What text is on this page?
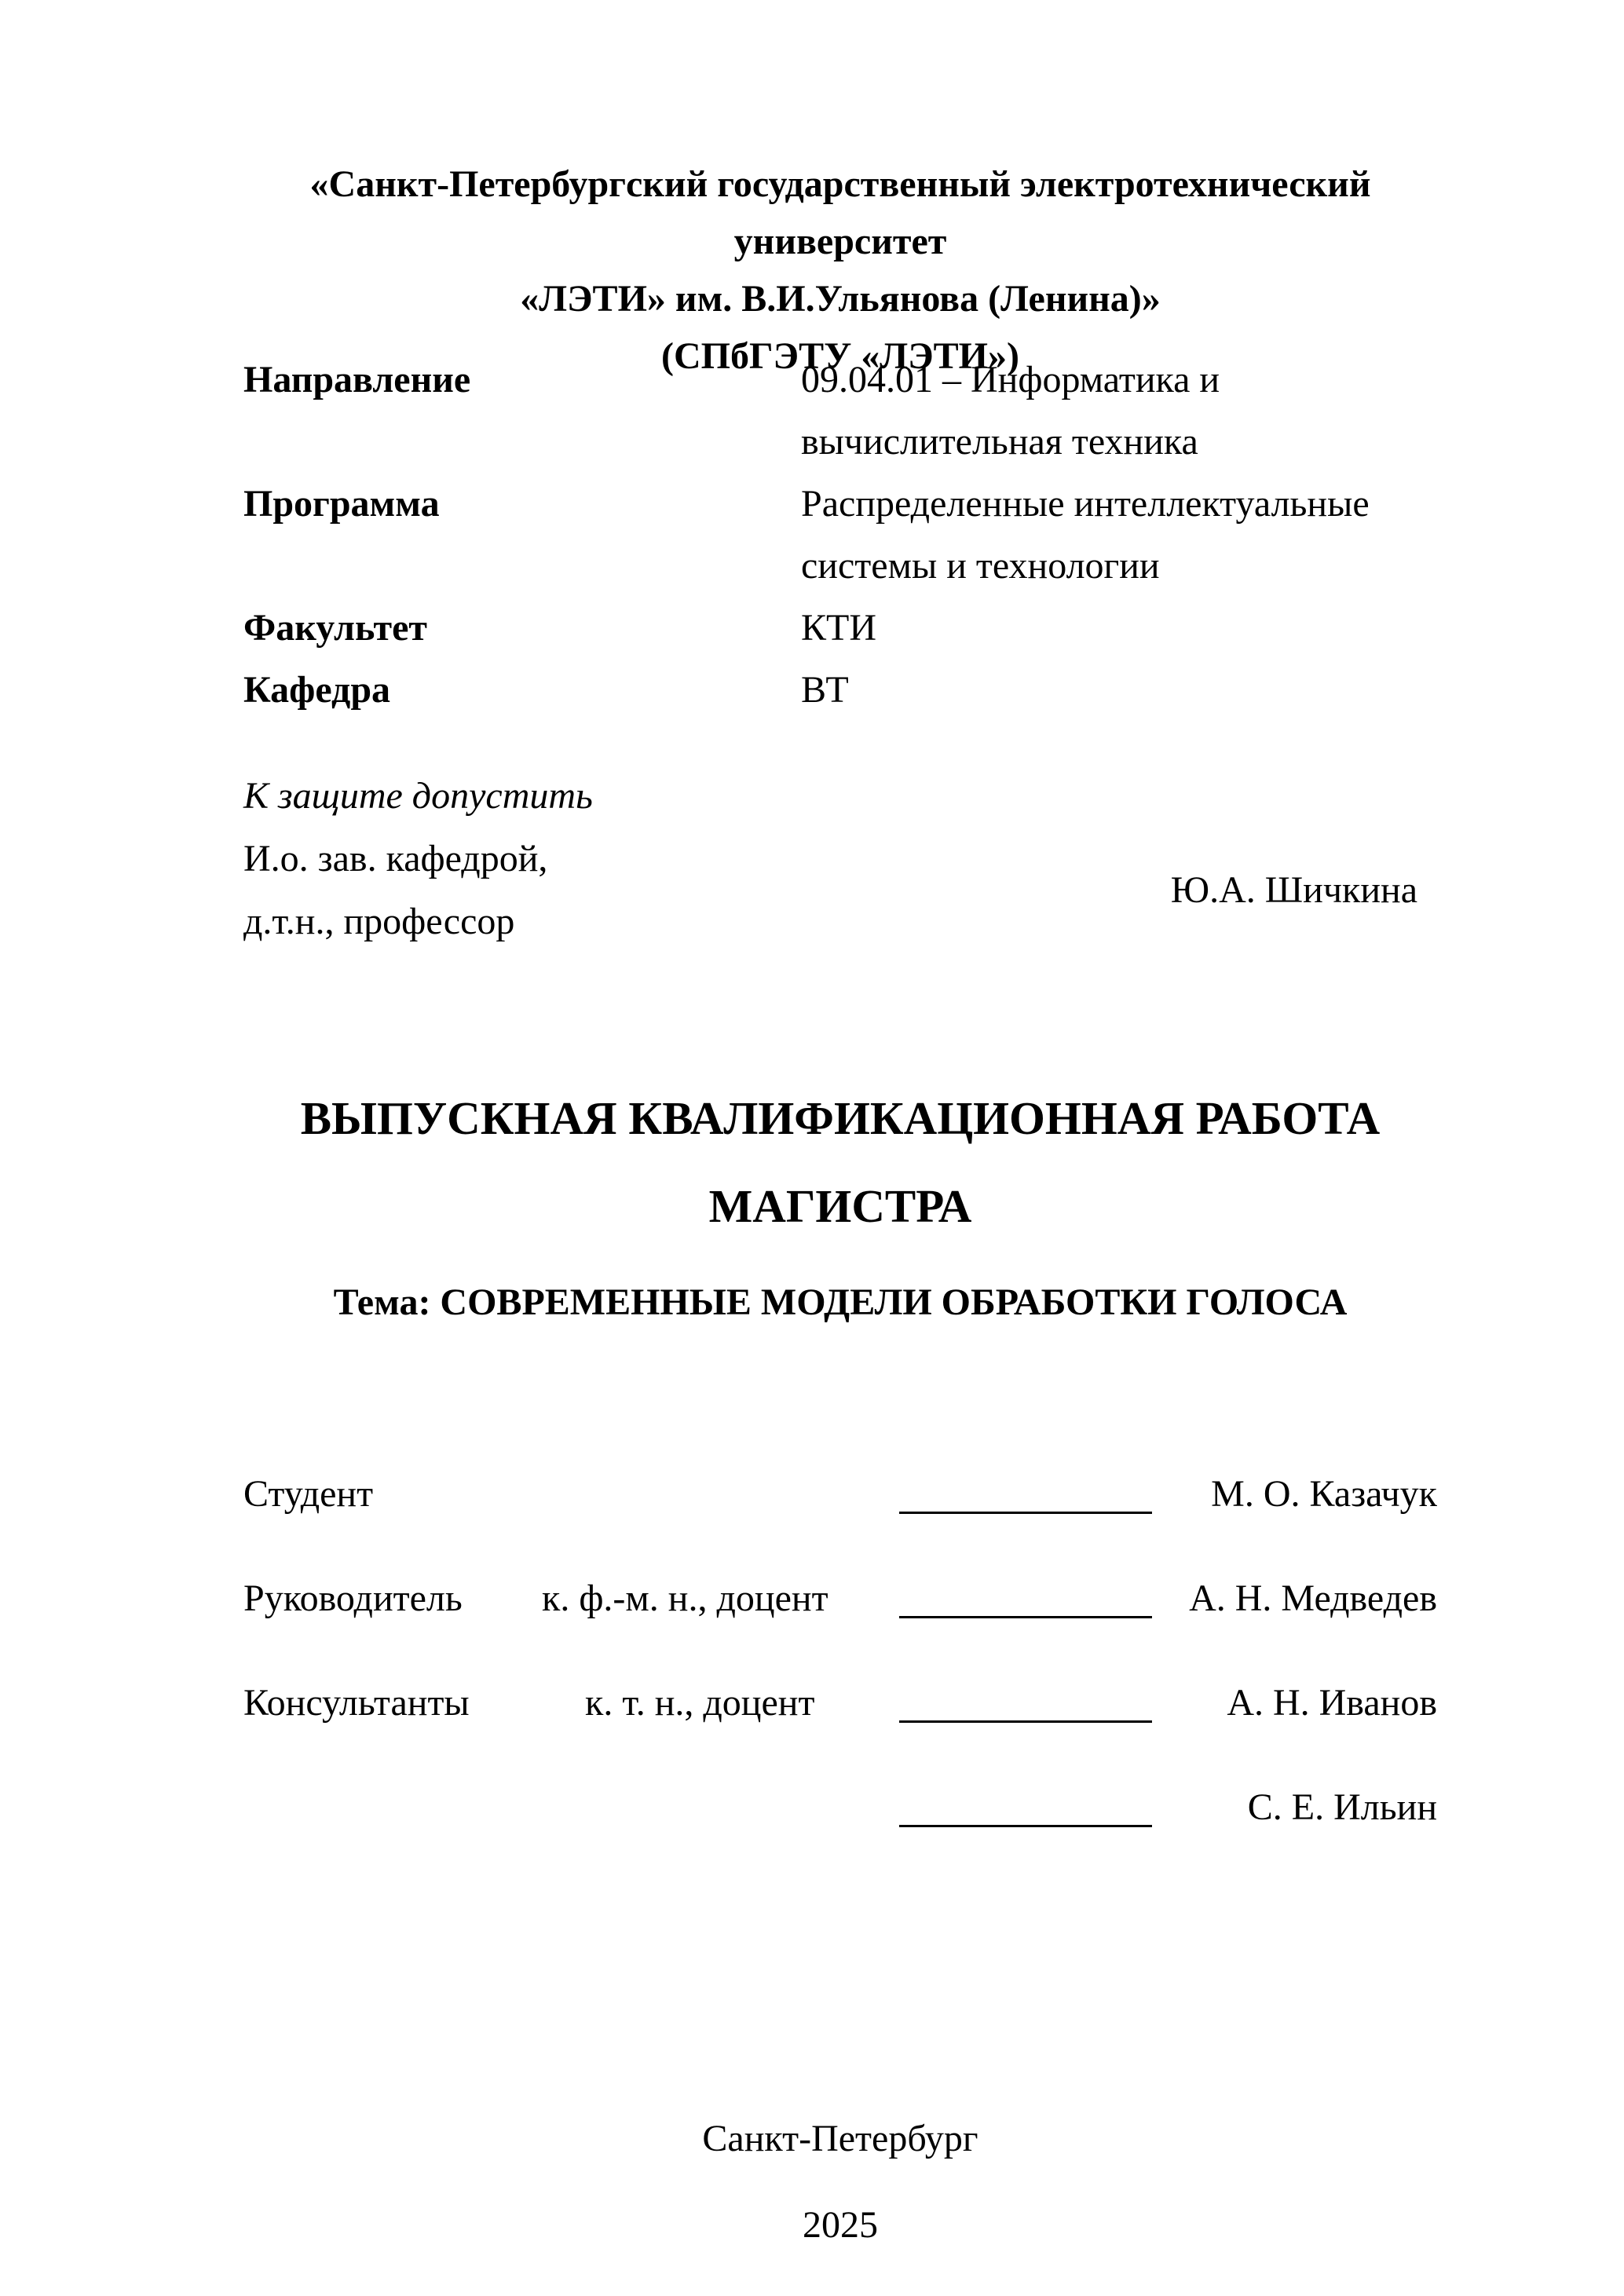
«Санкт-Петербургский государственный электротехнический университет
«ЛЭТИ» им. В.И.Ульянова (Ленина)»
(СПбГЭТУ «ЛЭТИ»)
Направление	09.04.01 – Информатика и
вычислительная техника
Программа	Распределенные интеллектуальные
системы и технологии
Факультет	КТИ
Кафедра	ВТ
К защите допустить
И.о. зав. кафедрой,
Ю.А. Шичкина
д.т.н., профессор
ВЫПУСКНАЯ КВАЛИФИКАЦИОННАЯ РАБОТА
МАГИСТРА
Тема: СОВРЕМЕННЫЕ МОДЕЛИ ОБРАБОТКИ ГОЛОСА
Студент	М. О. Казачук
Руководитель к. ф.-м. н., доцент	А. Н. Медведев
Консультанты	к. т. н., доцент	А. Н. Иванов
С. Е. Ильин
Санкт-Петербург
2025
